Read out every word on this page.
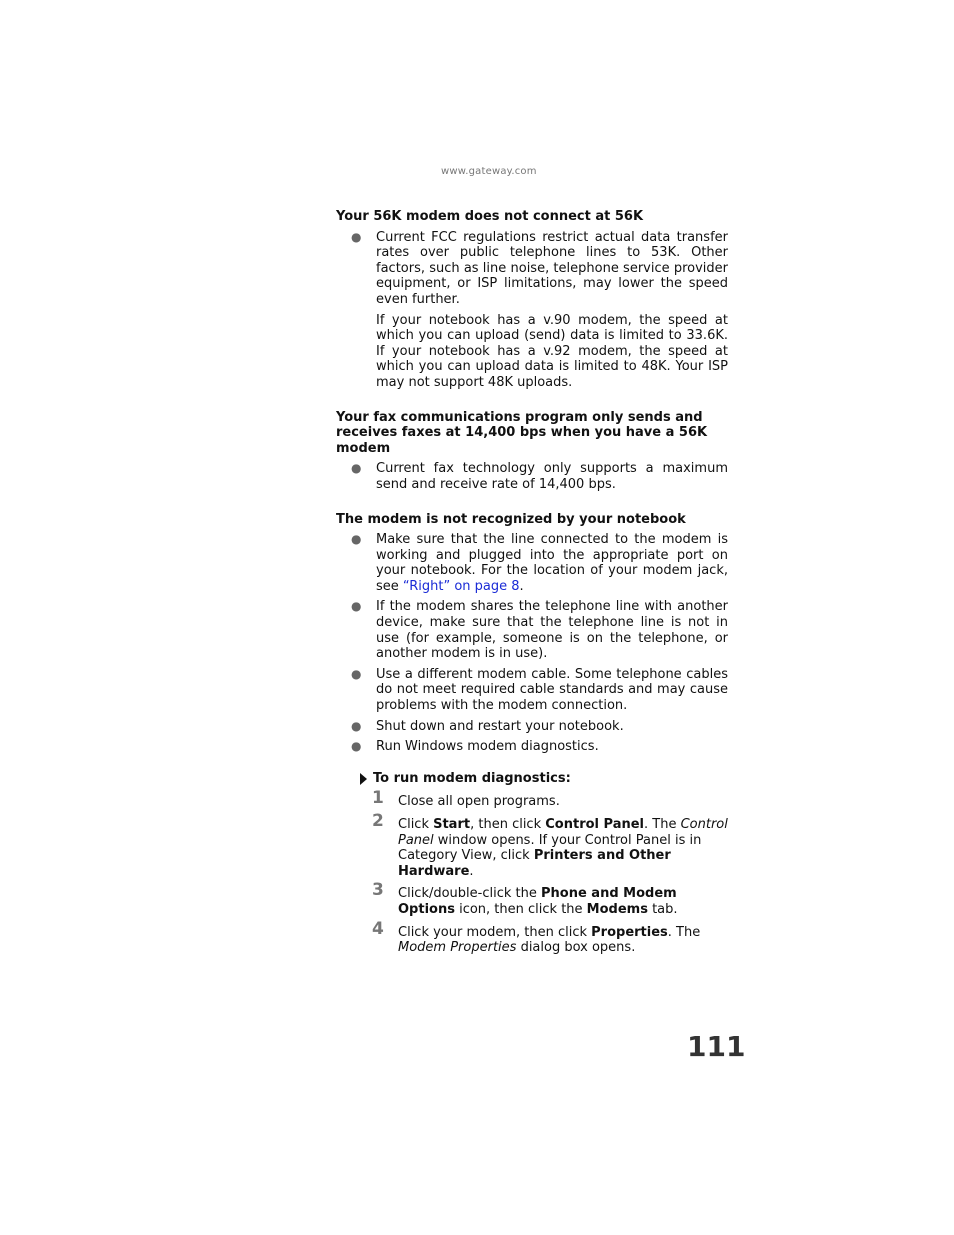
www.gateway.com
Your 56K modem does not connect at 56K
● Current FCC regulations restrict actual data transfer rates over public telephone lines to 53K. Other factors, such as line noise, telephone service provider equipment, or ISP limitations, may lower the speed even further.

If your notebook has a v.90 modem, the speed at which you can upload (send) data is limited to 33.6K. If your notebook has a v.92 modem, the speed at which you can upload data is limited to 48K. Your ISP may not support 48K uploads.

Your fax communications program only sends and receives faxes at 14,400 bps when you have a 56K modem
● Current fax technology only supports a maximum send and receive rate of 14,400 bps.
The modem is not recognized by your notebook
● Make sure that the line connected to the modem is working and plugged into the appropriate port on your notebook. For the location of your modem jack, see “Right” on page 8.
● If the modem shares the telephone line with another device, make sure that the telephone line is not in use (for example, someone is on the telephone, or another modem is in use).
● Use a different modem cable. Some telephone cables do not meet required cable standards and may cause problems with the modem connection.
● Shut down and restart your notebook.
● Run Windows modem diagnostics.
To run modem diagnostics:
1 Close all open programs.
2 Click Start, then click Control Panel. The Control Panel window opens. If your Control Panel is in Category View, click Printers and Other Hardware.
3 Click/double-click the Phone and Modem Options icon, then click the Modems tab.
4 Click your modem, then click Properties. The Modem Properties dialog box opens.
111
